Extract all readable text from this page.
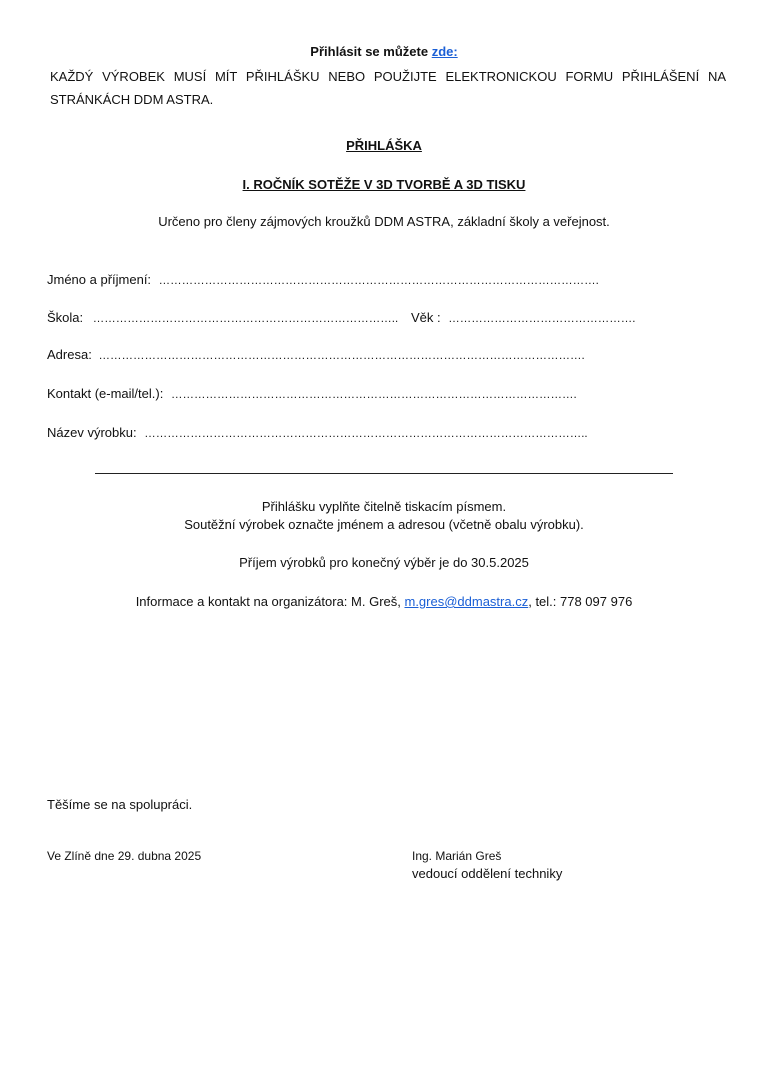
Přihlásit se můžete zde:
KAŽDÝ VÝROBEK MUSÍ MÍT PŘIHLÁŠKU NEBO POUŽIJTE ELEKTRONICKOU FORMU PŘIHLÁŠENÍ NA
STRÁNKÁCH DDM ASTRA.
PŘIHLÁŠKA
I. ROČNÍK SOTĚŽE V 3D TVORBĚ A 3D TISKU
Určeno pro členy zájmových kroužků DDM ASTRA, základní školy a veřejnost.
Jméno a příjmení: …………………………………………………………………………………………………….
Škola: …………………………………………………………………….. Věk : ………………………………………….
Adresa: ……………………………………………………………………………………………………………….
Kontakt (e-mail/tel.): …………………………………………………………………………………………….
Název výrobku: ……………………………………………………………………………………………………..
Přihlášku vyplňte čitelně tiskacím písmem.
Soutěžní výrobek označte jménem a adresou (včetně obalu výrobku).
Příjem výrobků pro konečný výběr je do 30.5.2025
Informace a kontakt na organizátora: M. Greš, m.gres@ddmastra.cz, tel.: 778 097 976
Těšíme se na spolupráci.
Ve Zlíně dne 29. dubna 2025	Ing. Marián Greš
vedoucí oddělení techniky
